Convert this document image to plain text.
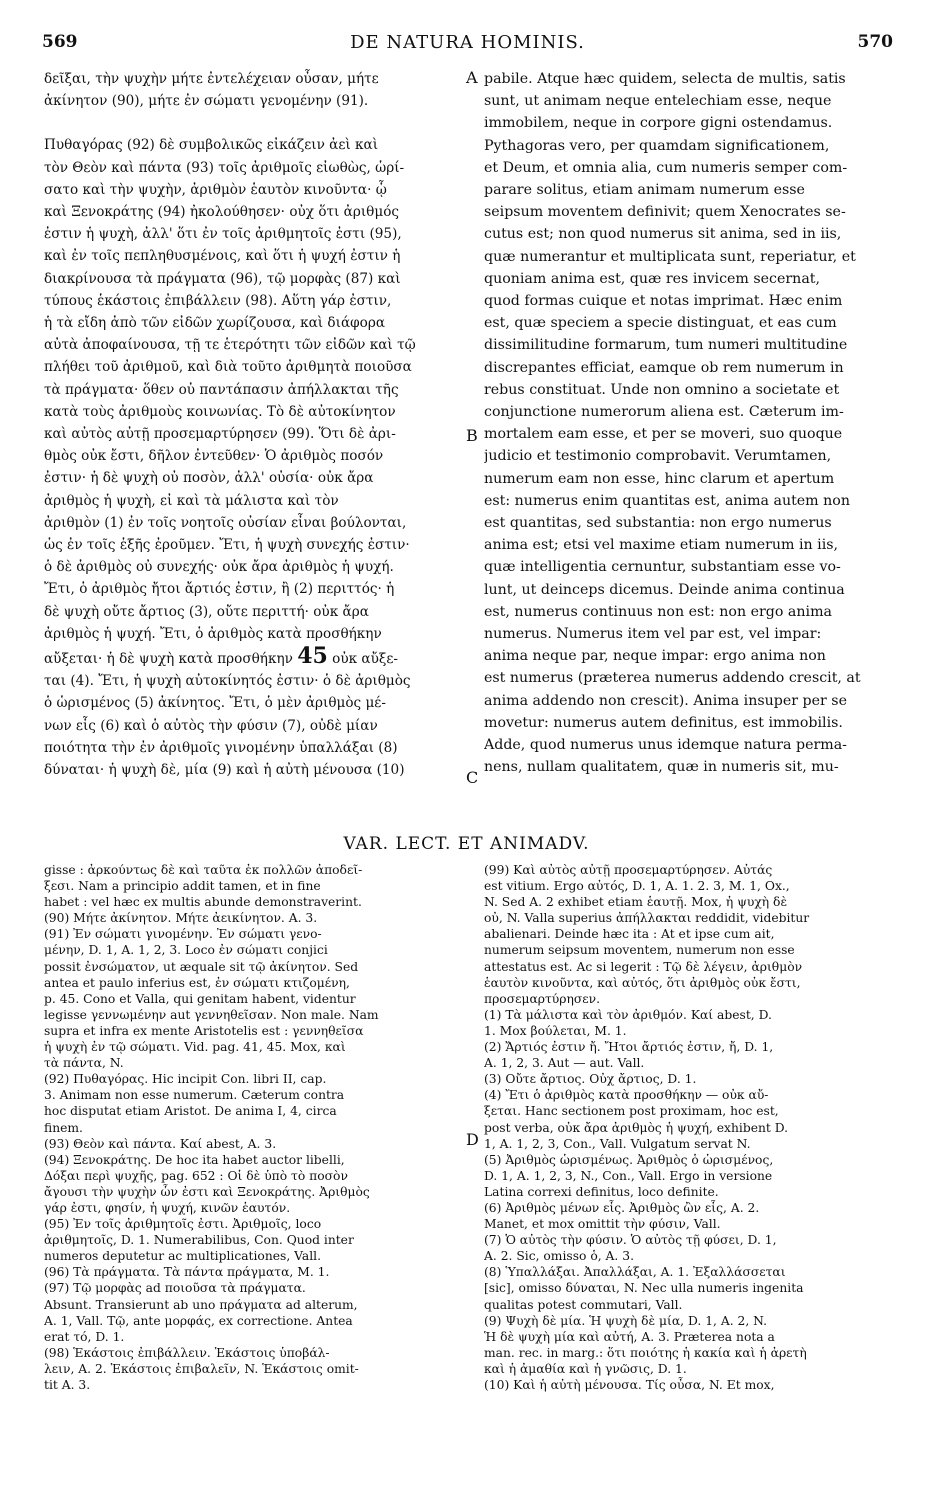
569	DE NATURA HOMINIS.	570
δεῖξαι, τὴν ψυχὴν μήτε ἐντελέχειαν οὖσαν, μήτε
ἀκίνητον (90), μήτε ἐν σώματι γενομένην (91).
Πυθαγόρας (92) δὲ συμβολικῶς εἰκάζειν ἀεὶ καὶ
τὸν Θεὸν καὶ πάντα (93) τοῖς ἀριθμοῖς εἰωθὼς, ὡρί-
σατο καὶ τὴν ψυχὴν, ἀριθμὸν ἑαυτὸν κινοῦντα· ᾧ
καὶ Ξενοκράτης (94) ἠκολούθησεν· οὐχ ὅτι ἀριθμός
ἐστιν ἡ ψυχὴ, ἀλλ' ὅτι ἐν τοῖς ἀριθμητοῖς ἐστι (95),
καὶ ἐν τοῖς πεπληθυσμένοις, καὶ ὅτι ἡ ψυχή ἐστιν ἡ
διακρίνουσα τὰ πράγματα (96), τῷ μορφὰς (87) καὶ
τύπους ἑκάστοις ἐπιβάλλειν (98). Αὕτη γάρ ἐστιν,
ἡ τὰ εἴδη ἀπὸ τῶν εἰδῶν χωρίζουσα, καὶ διάφορα
αὐτὰ ἀποφαίνουσα, τῇ τε ἑτερότητι τῶν εἰδῶν καὶ τῷ
πλήθει τοῦ ἀριθμοῦ, καὶ διὰ τοῦτο ἀριθμητὰ ποιοῦσα
τὰ πράγματα· ὅθεν οὐ παντάπασιν ἀπήλλακται τῆς
κατὰ τοὺς ἀριθμοὺς κοινωνίας. Τὸ δὲ αὐτοκίνητον
καὶ αὐτὸς αὐτῇ προσεμαρτύρησεν (99). Ὅτι δὲ ἀρι-
θμὸς οὐκ ἔστι, δῆλον ἐντεῦθεν· Ὁ ἀριθμὸς ποσόν
ἐστιν· ἡ δὲ ψυχὴ οὐ ποσὸν, ἀλλ' οὐσία· οὐκ ἄρα
ἀριθμὸς ἡ ψυχὴ, εἰ καὶ τὰ μάλιστα καὶ τὸν
ἀριθμὸν (1) ἐν τοῖς νοητοῖς οὐσίαν εἶναι βούλονται,
ὡς ἐν τοῖς ἑξῆς ἐροῦμεν. Ἔτι, ἡ ψυχὴ συνεχής ἐστιν·
ὁ δὲ ἀριθμὸς οὐ συνεχής· οὐκ ἄρα ἀριθμὸς ἡ ψυχή.
Ἔτι, ὁ ἀριθμὸς ἤτοι ἄρτιός ἐστιν, ἢ (2) περιττός· ἡ
δὲ ψυχὴ οὔτε ἄρτιος (3), οὔτε περιττή· οὐκ ἄρα
ἀριθμὸς ἡ ψυχή. Ἔτι, ὁ ἀριθμὸς κατὰ προσθήκην
αὔξεται· ἡ δὲ ψυχὴ κατὰ προσθήκην 45 οὐκ αὔξε-
ται (4). Ἔτι, ἡ ψυχὴ αὐτοκίνητός ἐστιν· ὁ δὲ ἀριθμὸς
ὁ ὡρισμένος (5) ἀκίνητος. Ἔτι, ὁ μὲν ἀριθμὸς μέ-
νων εἷς (6) καὶ ὁ αὐτὸς τὴν φύσιν (7), οὐδὲ μίαν
ποιότητα τὴν ἐν ἀριθμοῖς γινομένην ὑπαλλάξαι (8)
δύναται· ἡ ψυχὴ δὲ, μία (9) καὶ ἡ αὐτὴ μένουσα (10)
pabile. Atque hæc quidem, selecta de multis, satis
sunt, ut animam neque entelechiam esse, neque
immobilem, neque in corpore gigni ostendamus.
Pythagoras vero, per quamdam significationem,
et Deum, et omnia alia, cum numeris semper com-
parare solitus, etiam animam numerum esse
seipsum moventem definivit; quem Xenocrates se-
cutus est; non quod numerus sit anima, sed in iis,
quæ numerantur et multiplicata sunt, reperiatur, et
quoniam anima est, quæ res invicem secernat,
quod formas cuique et notas imprimat. Hæc enim
est, quæ speciem a specie distinguat, et eas cum
dissimilitudine formarum, tum numeri multitudine
discrepantes efficiat, eamque ob rem numerum in
rebus constituat. Unde non omnino a societate et
conjunctione numerorum aliena est. Cæterum im-
mortalem eam esse, et per se moveri, suo quoque
judicio et testimonio comprobavit. Verumtamen,
numerum eam non esse, hinc clarum et apertum
est: numerus enim quantitas est, anima autem non
est quantitas, sed substantia: non ergo numerus
anima est; etsi vel maxime etiam numerum in iis,
quæ intelligentia cernuntur, substantiam esse vo-
lunt, ut deinceps dicemus. Deinde anima continua
est, numerus continuus non est: non ergo anima
numerus. Numerus item vel par est, vel impar:
anima neque par, neque impar: ergo anima non
est numerus (præterea numerus addendo crescit, at
anima addendo non crescit). Anima insuper per se
movetur: numerus autem definitus, est immobilis.
Adde, quod numerus unus idemque natura perma-
nens, nullam qualitatem, quæ in numeris sit, mu-
A
B
C
D
VAR. LECT. ET ANIMADV.
gisse : ἀρκούντως δὲ καὶ ταῦτα ἐκ πολλῶν ἀποδεῖ-
ξεσι. Nam a principio addit tamen, et in fine
habet : vel hæc ex multis abunde demonstraverint.
(90) Μήτε ἀκίνητον. Μήτε ἀεικίνητον. A. 3.
(91) Ἐν σώματι γινομένην. Ἐν σώματι γενο-
μένην, D. 1, A. 1, 2, 3. Loco ἐν σώματι conjici
possit ἐνσώματον, ut æquale sit τῷ ἀκίνητον. Sed
antea et paulo inferius est, ἐν σώματι κτιζομένη,
p. 45. Cono et Valla, qui genitam habent, videntur
legisse γεννωμένην aut γεννηθεῖσαν. Non male. Nam
supra et infra ex mente Aristotelis est : γεννηθεῖσα
ἡ ψυχὴ ἐν τῷ σώματι. Vid. pag. 41, 45. Mox, καὶ
τὰ πάντα, N.
(92) Πυθαγόρας. Hic incipit Con. libri II, cap.
3. Animam non esse numerum. Cæterum contra
hoc disputat etiam Aristot. De anima I, 4, circa
finem.
(93) Θεὸν καὶ πάντα. Καί abest, A. 3.
(94) Ξενοκράτης. De hoc ita habet auctor libelli,
Δόξαι περὶ ψυχῆς, pag. 652 : Οἱ δὲ ὑπὸ τὸ ποσὸν
ἄγουσι τὴν ψυχὴν ὧν ἐστι καὶ Ξενοκράτης. Ἀριθμὸς
γάρ ἐστι, φησίν, ἡ ψυχή, κινῶν ἑαυτόν.
(95) Ἐν τοῖς ἀριθμητοῖς ἐστι. Ἀριθμοῖς, loco
ἀριθμητοῖς, D. 1. Numerabilibus, Con. Quod inter
numeros deputetur ac multiplicationes, Vall.
(96) Τὰ πράγματα. Τὰ πάντα πράγματα, M. 1.
(97) Τῷ μορφὰς ad ποιοῦσα τὰ πράγματα.
Absunt. Transierunt ab uno πράγματα ad alterum,
A. 1, Vall. Τῷ, ante μορφάς, ex correctione. Antea
erat τό, D. 1.
(98) Ἑκάστοις ἐπιβάλλειν. Ἑκάστοις ὑποβάλ-
λειν, A. 2. Ἑκάστοις ἐπιβαλεῖν, N. Ἑκάστοις omit-
tit A. 3.
(99) Καὶ αὐτὸς αὐτῇ προσεμαρτύρησεν. Αὐτάς
est vitium. Ergo αὐτός, D. 1, A. 1. 2. 3, M. 1, Ox.,
N. Sed A. 2 exhibet etiam ἑαυτῇ. Mox, ἡ ψυχὴ δὲ
οὐ, N. Valla superius ἀπήλλακται reddidit, videbitur
abalienari. Deinde hæc ita : At et ipse cum ait,
numerum seipsum moventem, numerum non esse
attestatus est. Ac si legerit : Τῷ δὲ λέγειν, ἀριθμὸν
ἑαυτὸν κινοῦντα, καὶ αὐτός, ὅτι ἀριθμὸς οὐκ ἔστι,
προσεμαρτύρησεν.
(1) Τὰ μάλιστα καὶ τὸν ἀριθμόν. Καί abest, D.
1. Mox βούλεται, M. 1.
(2) Ἄρτιός ἐστιν ἤ. Ἤτοι ἄρτιός ἐστιν, ἤ, D. 1,
A. 1, 2, 3. Aut — aut. Vall.
(3) Οὔτε ἄρτιος. Οὐχ ἄρτιος, D. 1.
(4) Ἔτι ὁ ἀριθμὸς κατὰ προσθήκην — οὐκ αὔ-
ξεται. Hanc sectionem post proximam, hoc est,
post verba, οὐκ ἄρα ἀριθμὸς ἡ ψυχή, exhibent D.
1, A. 1, 2, 3, Con., Vall. Vulgatum servat N.
(5) Ἀριθμὸς ὡρισμένως. Ἀριθμὸς ὁ ὡρισμένος,
D. 1, A. 1, 2, 3, N., Con., Vall. Ergo in versione
Latina correxi definitus, loco definite.
(6) Ἀριθμὸς μένων εἷς. Ἀριθμὸς ὢν εἷς, A. 2.
Manet, et mox omittit τὴν φύσιν, Vall.
(7) Ὁ αὐτὸς τὴν φύσιν. Ὁ αὐτὸς τῇ φύσει, D. 1,
A. 2. Sic, omisso ὁ, A. 3.
(8) Ὑπαλλάξαι. Ἀπαλλάξαι, A. 1. Ἐξαλλάσσεται
[sic], omisso δύναται, N. Nec ulla numeris ingenita
qualitas potest commutari, Vall.
(9) Ψυχὴ δὲ μία. Ἡ ψυχὴ δὲ μία, D. 1, A. 2, N.
Ἡ δὲ ψυχὴ μία καὶ αὐτή, A. 3. Præterea nota a
man. rec. in marg.: ὅτι ποιότης ἡ κακία καὶ ἡ ἀρετὴ
καὶ ἡ ἀμαθία καὶ ἡ γνῶσις, D. 1.
(10) Καὶ ἡ αὐτὴ μένουσα. Τίς οὖσα, N. Et mox,
